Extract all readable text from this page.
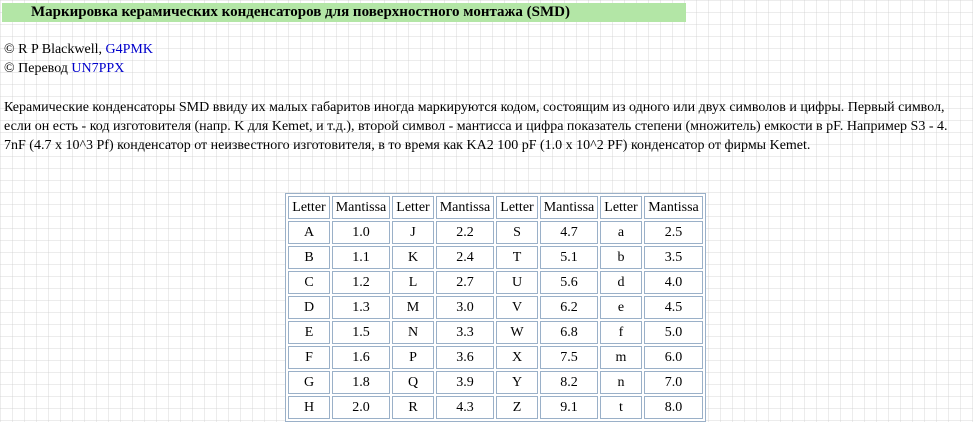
Маркировка керамических конденсаторов для поверхностного монтажа (SMD)
© R P Blackwell, G4PMK
© Перевод UN7PPX
Керамические конденсаторы SMD ввиду их малых габаритов иногда маркируются кодом, состоящим из одного или двух символов и цифры. Первый символ, если он есть - код изготовителя (напр. K для Kemet, и т.д.), второй символ - мантисса и цифра показатель степени (множитель) емкости в pF. Например S3 - 4. 7nF (4.7 x 10^3 Pf) конденсатор от неизвестного изготовителя, в то время как KA2 100 pF (1.0 x 10^2 PF) конденсатор от фирмы Kemet.
Letter	Mantissa	Letter	Mantissa	Letter	Mantissa	Letter	Mantissa
A	1.0	J	2.2	S	4.7	a	2.5
B	1.1	K	2.4	T	5.1	b	3.5
C	1.2	L	2.7	U	5.6	d	4.0
D	1.3	M	3.0	V	6.2	e	4.5
E	1.5	N	3.3	W	6.8	f	5.0
F	1.6	P	3.6	X	7.5	m	6.0
G	1.8	Q	3.9	Y	8.2	n	7.0
H	2.0	R	4.3	Z	9.1	t	8.0
